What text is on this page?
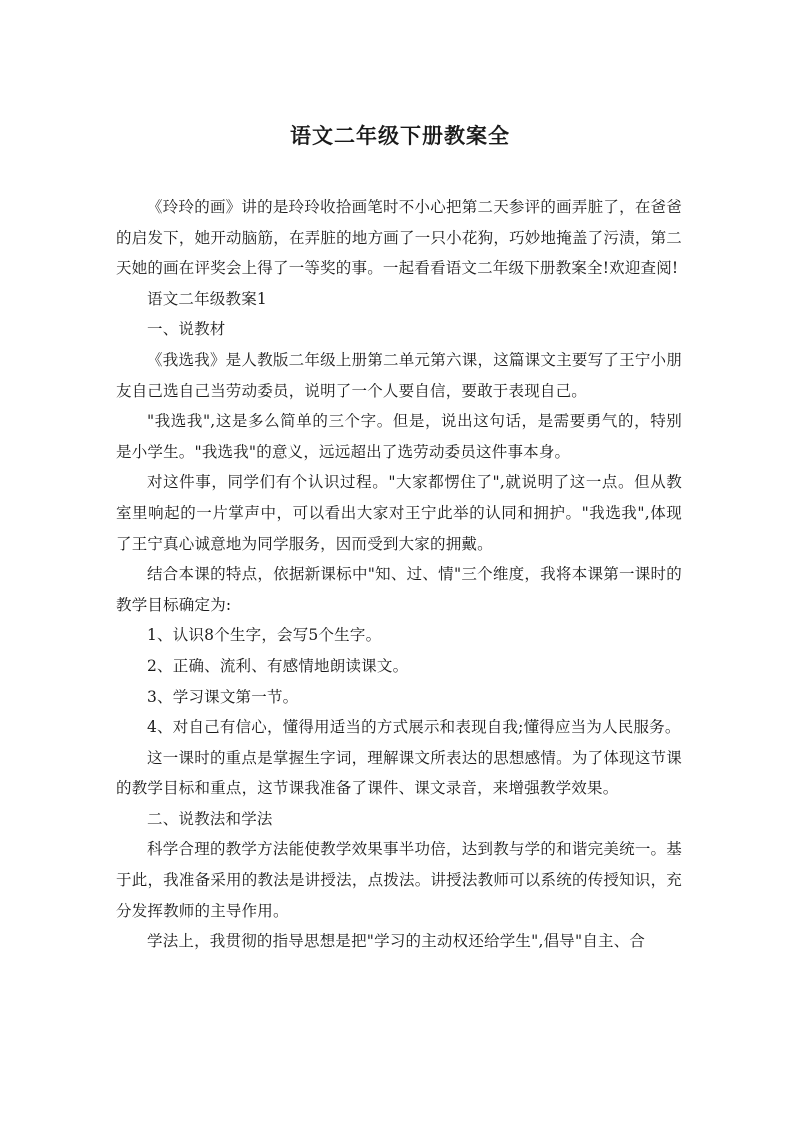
语文二年级下册教案全

《玲玲的画》讲的是玲玲收拾画笔时不小心把第二天参评的画弄脏了，在爸爸的启发下，她开动脑筋，在弄脏的地方画了一只小花狗，巧妙地掩盖了污渍，第二天她的画在评奖会上得了一等奖的事。一起看看语文二年级下册教案全!欢迎查阅!

语文二年级教案1

一、说教材

《我选我》是人教版二年级上册第二单元第六课，这篇课文主要写了王宁小朋友自己选自己当劳动委员，说明了一个人要自信，要敢于表现自己。

"我选我",这是多么简单的三个字。但是，说出这句话，是需要勇气的，特别是小学生。"我选我"的意义，远远超出了选劳动委员这件事本身。

对这件事，同学们有个认识过程。"大家都愣住了",就说明了这一点。但从教室里响起的一片掌声中，可以看出大家对王宁此举的认同和拥护。"我选我",体现了王宁真心诚意地为同学服务，因而受到大家的拥戴。

结合本课的特点，依据新课标中"知、过、情"三个维度，我将本课第一课时的教学目标确定为:

1、认识8个生字，会写5个生字。

2、正确、流利、有感情地朗读课文。

3、学习课文第一节。

4、对自己有信心，懂得用适当的方式展示和表现自我;懂得应当为人民服务。

这一课时的重点是掌握生字词，理解课文所表达的思想感情。为了体现这节课的教学目标和重点，这节课我准备了课件、课文录音，来增强教学效果。

二、说教法和学法

科学合理的教学方法能使教学效果事半功倍，达到教与学的和谐完美统一。基于此，我准备采用的教法是讲授法，点拨法。讲授法教师可以系统的传授知识，充分发挥教师的主导作用。

学法上，我贯彻的指导思想是把"学习的主动权还给学生",倡导"自主、合
